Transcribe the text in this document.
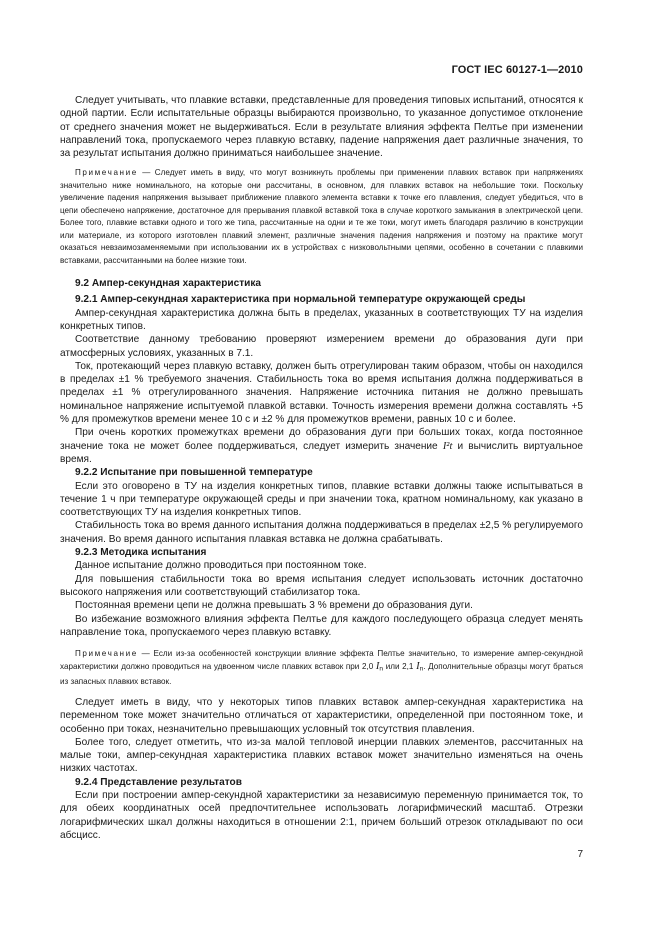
ГОСТ IEC 60127-1—2010

Следует учитывать, что плавкие вставки, представленные для проведения типовых испытаний, относятся к одной партии. Если испытательные образцы выбираются произвольно, то указанное допустимое отклонение от среднего значения может не выдерживаться. Если в результате влияния эффекта Пелтье при изменении направлений тока, пропускаемого через плавкую вставку, падение напряжения дает различные значения, то за результат испытания должно приниматься наибольшее значение.

Примечание — Следует иметь в виду, что могут возникнуть проблемы при применении плавких вставок при напряжениях значительно ниже номинального, на которые они рассчитаны, в основном, для плавких вставок на небольшие токи. Поскольку увеличение падения напряжения вызывает приближение плавкого элемента вставки к точке его плавления, следует убедиться, что в цепи обеспечено напряжение, достаточное для прерывания плавкой вставкой тока в случае короткого замыкания в электрической цепи. Более того, плавкие вставки одного и того же типа, рассчитанные на одни и те же токи, могут иметь благодаря различию в конструкции или материале, из которого изготовлен плавкий элемент, различные значения падения напряжения и поэтому на практике могут оказаться невзаимозаменяемыми при использовании их в устройствах с низковольтными цепями, особенно в сочетании с плавкими вставками, рассчитанными на более низкие токи.

9.2 Ампер-секундная характеристика

9.2.1 Ампер-секундная характеристика при нормальной температуре окружающей среды

Ампер-секундная характеристика должна быть в пределах, указанных в соответствующих ТУ на изделия конкретных типов.

Соответствие данному требованию проверяют измерением времени до образования дуги при атмосферных условиях, указанных в 7.1.

Ток, протекающий через плавкую вставку, должен быть отрегулирован таким образом, чтобы он находился в пределах ±1 % требуемого значения. Стабильность тока во время испытания должна поддерживаться в пределах ±1 % отрегулированного значения. Напряжение источника питания не должно превышать номинальное напряжение испытуемой плавкой вставки. Точность измерения времени должна составлять +5 % для промежутков времени менее 10 с и ±2 % для промежутков времени, равных 10 с и более.

При очень коротких промежутках времени до образования дуги при больших токах, когда постоянное значение тока не может более поддерживаться, следует измерить значение I²t и вычислить виртуальное время.

9.2.2 Испытание при повышенной температуре

Если это оговорено в ТУ на изделия конкретных типов, плавкие вставки должны также испытываться в течение 1 ч при температуре окружающей среды и при значении тока, кратном номинальному, как указано в соответствующих ТУ на изделия конкретных типов.

Стабильность тока во время данного испытания должна поддерживаться в пределах ±2,5 % регулируемого значения. Во время данного испытания плавкая вставка не должна срабатывать.

9.2.3 Методика испытания

Данное испытание должно проводиться при постоянном токе.

Для повышения стабильности тока во время испытания следует использовать источник достаточно высокого напряжения или соответствующий стабилизатор тока.

Постоянная времени цепи не должна превышать 3 % времени до образования дуги.

Во избежание возможного влияния эффекта Пелтье для каждого последующего образца следует менять направление тока, пропускаемого через плавкую вставку.

Примечание — Если из-за особенностей конструкции влияние эффекта Пелтье значительно, то измерение ампер-секундной характеристики должно проводиться на удвоенном числе плавких вставок при 2,0 $I_n$ или 2,1 $I_n$. Дополнительные образцы могут браться из запасных плавких вставок.

Следует иметь в виду, что у некоторых типов плавких вставок ампер-секундная характеристика на переменном токе может значительно отличаться от характеристики, определенной при постоянном токе, и особенно при токах, незначительно превышающих условный ток отсутствия плавления.

Более того, следует отметить, что из-за малой тепловой инерции плавких элементов, рассчитанных на малые токи, ампер-секундная характеристика плавких вставок может значительно изменяться на очень низких частотах.

9.2.4 Представление результатов

Если при построении ампер-секундной характеристики за независимую переменную принимается ток, то для обеих координатных осей предпочтительнее использовать логарифмический масштаб. Отрезки логарифмических шкал должны находиться в отношении 2:1, причем больший отрезок откладывают по оси абсцисс.

7
